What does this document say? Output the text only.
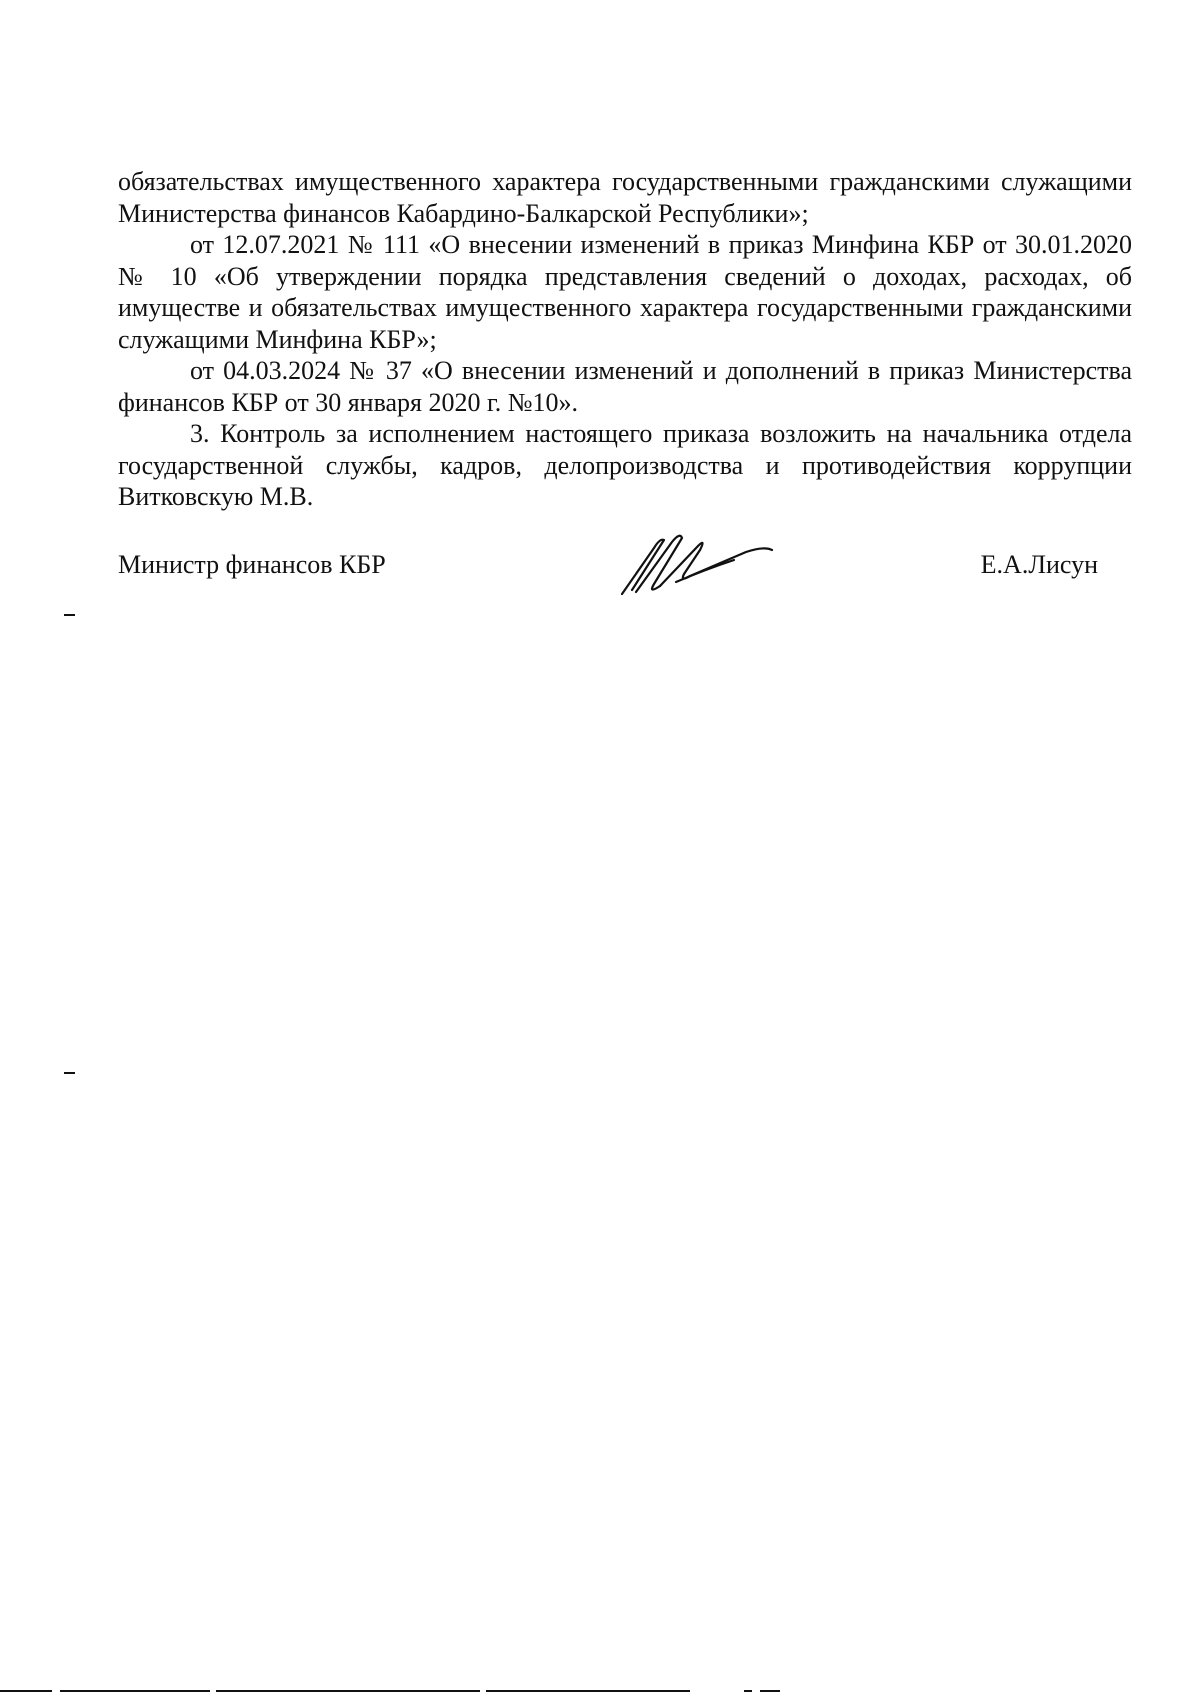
обязательствах имущественного характера государственными гражданскими служащими Министерства финансов Кабардино-Балкарской Республики»;

от 12.07.2021 № 111 «О внесении изменений в приказ Минфина КБР от 30.01.2020 № 10 «Об утверждении порядка представления сведений о доходах, расходах, об имуществе и обязательствах имущественного характера государственными гражданскими служащими Минфина КБР»;

от 04.03.2024 № 37 «О внесении изменений и дополнений в приказ Министерства финансов КБР от 30 января 2020 г. №10».

3. Контроль за исполнением настоящего приказа возложить на начальника отдела государственной службы, кадров, делопроизводства и противодействия коррупции Витковскую М.В.

Министр финансов КБР	Е.А.Лисун
